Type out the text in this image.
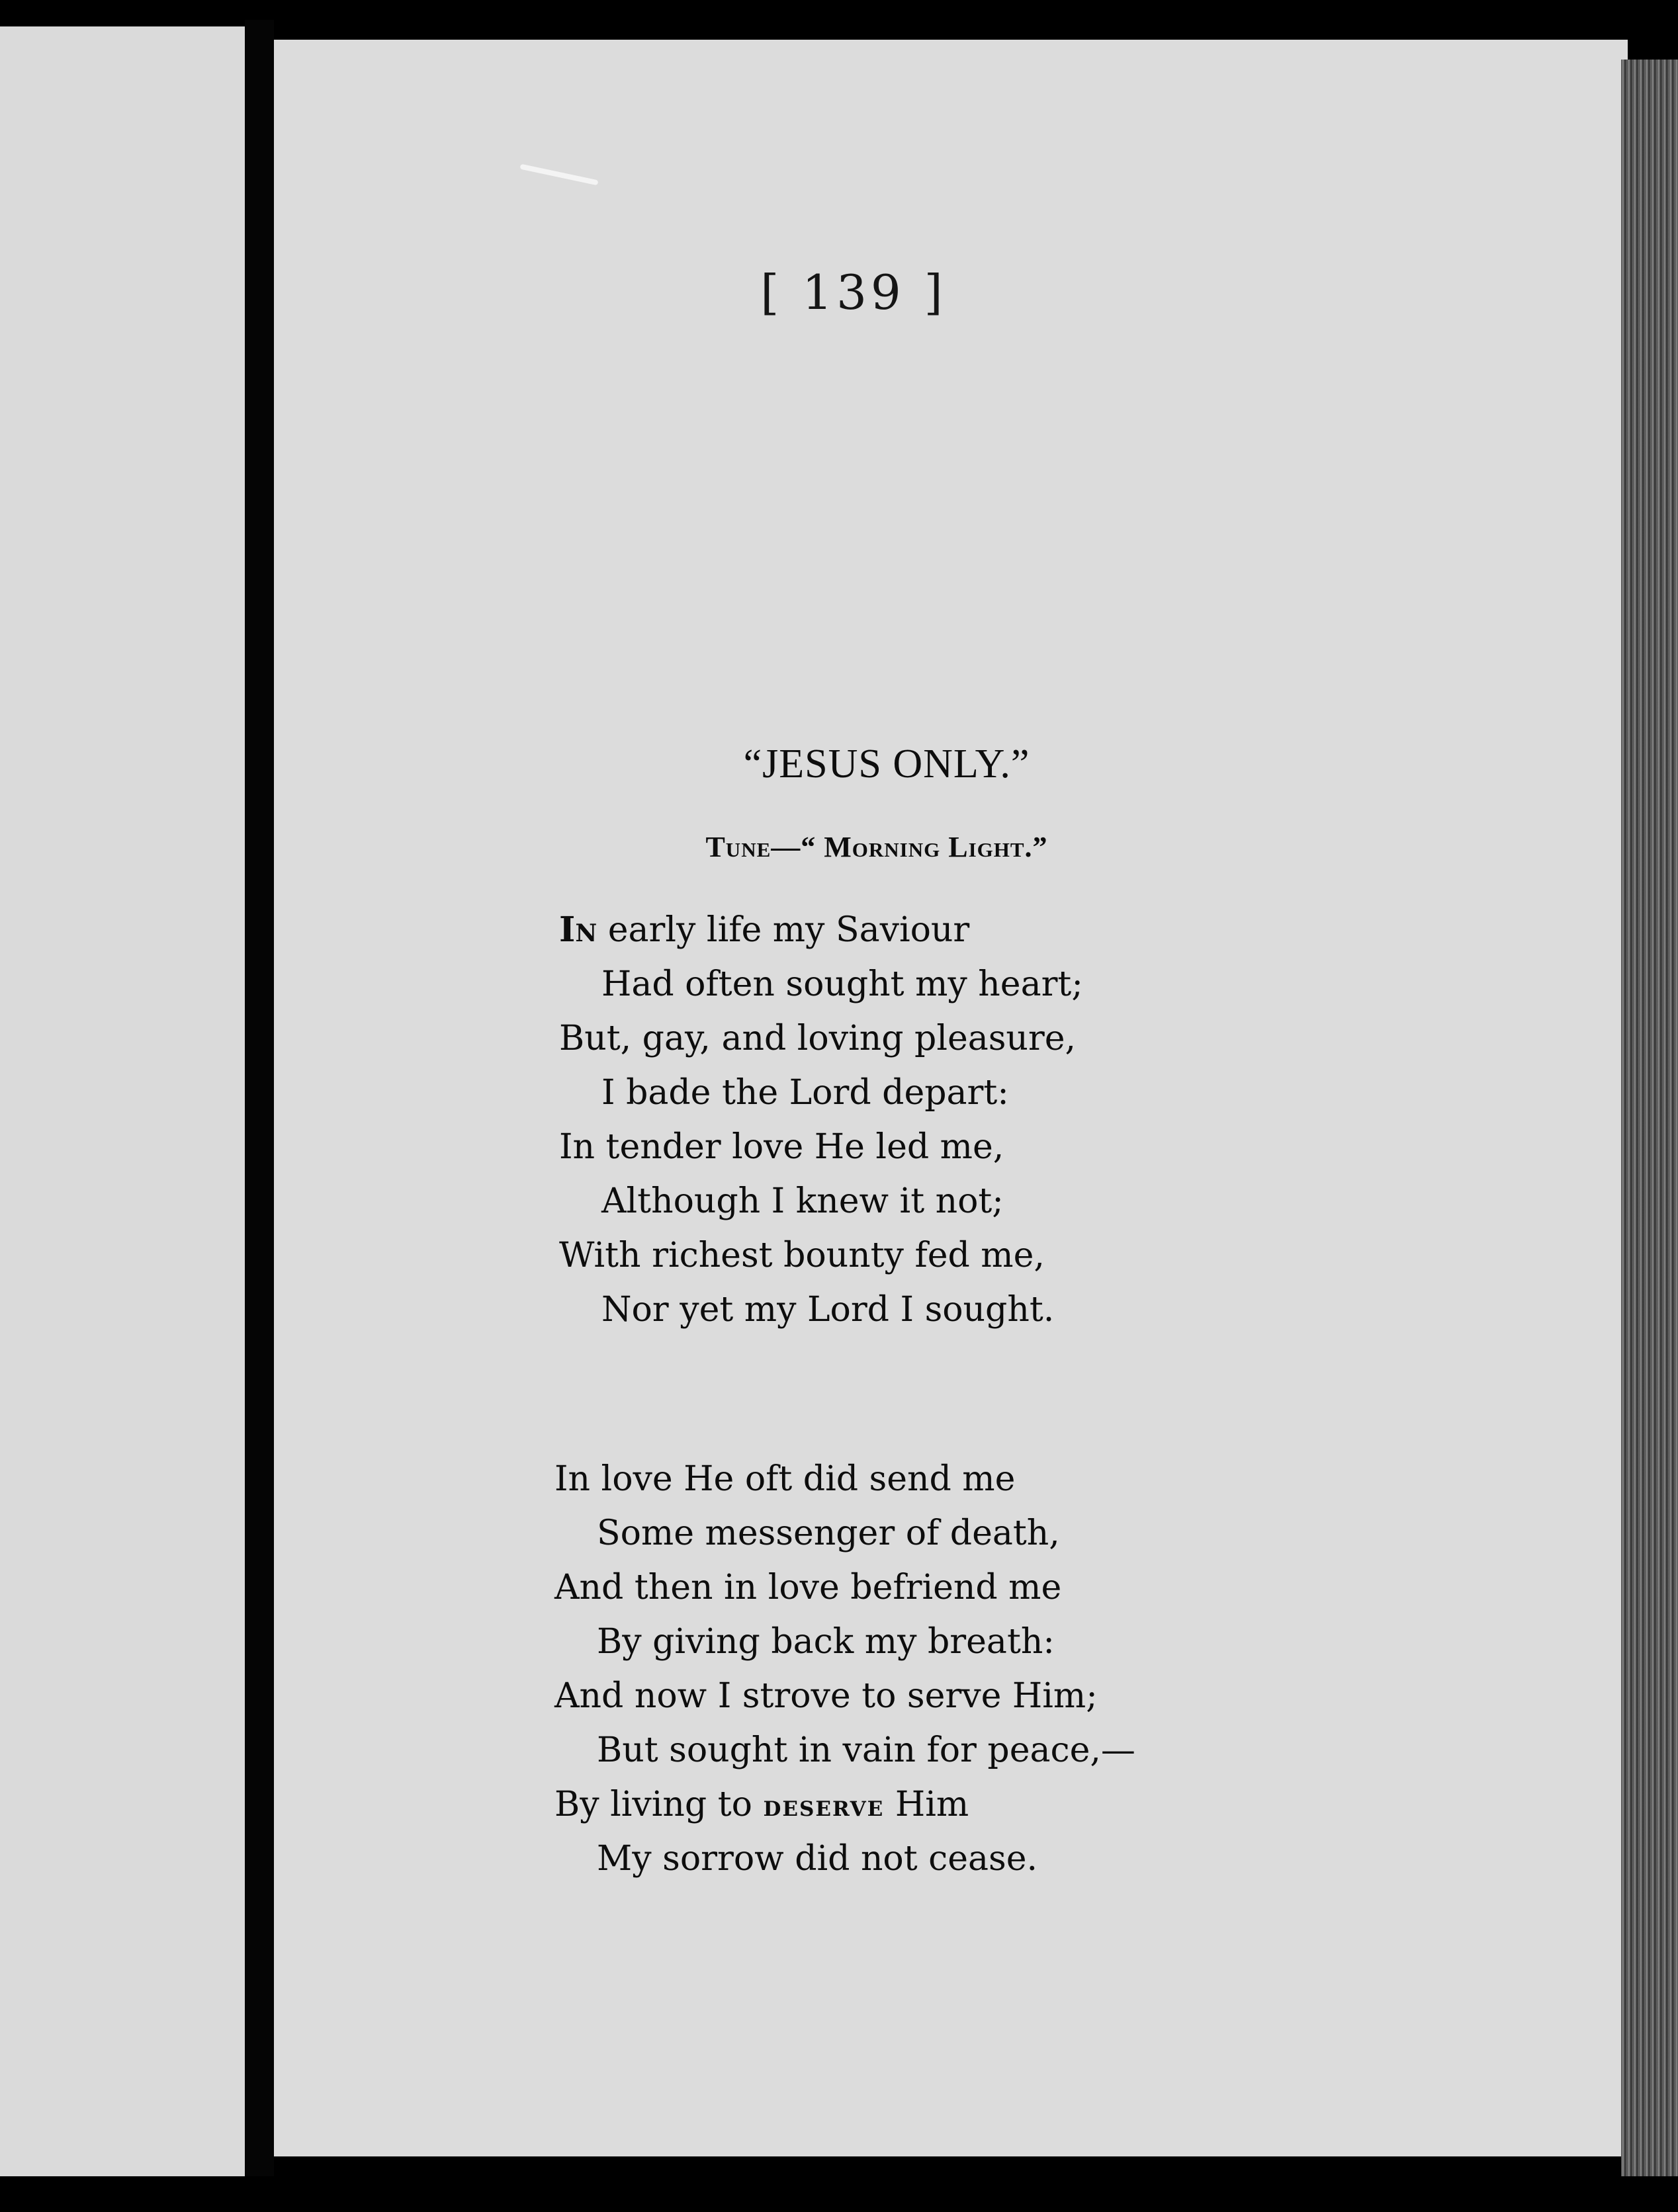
[ 139 ]
“JESUS ONLY.”
Tune—“ Morning Light.”
In early life my Saviour
Had often sought my heart;
But, gay, and loving pleasure,
I bade the Lord depart:
In tender love He led me,
Although I knew it not;
With richest bounty fed me,
Nor yet my Lord I sought.
In love He oft did send me
Some messenger of death,
And then in love befriend me
By giving back my breath:
And now I strove to serve Him;
But sought in vain for peace,—
By living to deserve Him
My sorrow did not cease.
